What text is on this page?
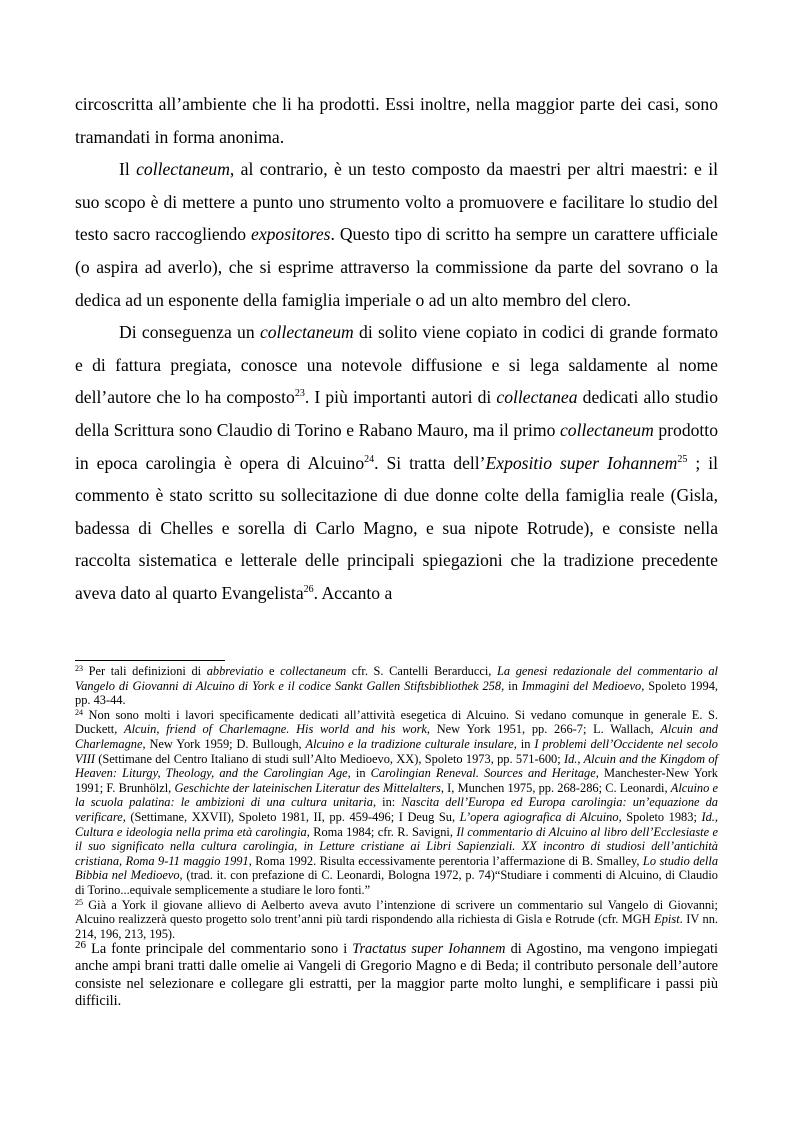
circoscritta all’ambiente che li ha prodotti. Essi inoltre, nella maggior parte dei casi, sono tramandati in forma anonima.

Il collectaneum, al contrario, è un testo composto da maestri per altri maestri: e il suo scopo è di mettere a punto uno strumento volto a promuovere e facilitare lo studio del testo sacro raccogliendo expositores. Questo tipo di scritto ha sempre un carattere ufficiale (o aspira ad averlo), che si esprime attraverso la commissione da parte del sovrano o la dedica ad un esponente della famiglia imperiale o ad un alto membro del clero.

Di conseguenza un collectaneum di solito viene copiato in codici di grande formato e di fattura pregiata, conosce una notevole diffusione e si lega saldamente al nome dell’autore che lo ha composto$^{23}$. I più importanti autori di collectanea dedicati allo studio della Scrittura sono Claudio di Torino e Rabano Mauro, ma il primo collectaneum prodotto in epoca carolingia è opera di Alcuino$^{24}$. Si tratta dell’Expositio super Iohannem$^{25}$ ; il commento è stato scritto su sollecitazione di due donne colte della famiglia reale (Gisla, badessa di Chelles e sorella di Carlo Magno, e sua nipote Rotrude), e consiste nella raccolta sistematica e letterale delle principali spiegazioni che la tradizione precedente aveva dato al quarto Evangelista$^{26}$. Accanto a

$^{23}$ Per tali definizioni di abbreviatio e collectaneum cfr. S. Cantelli Berarducci, La genesi redazionale del commentario al Vangelo di Giovanni di Alcuino di York e il codice Sankt Gallen Stiftsbibliothek 258, in Immagini del Medioevo, Spoleto 1994, pp. 43-44.

$^{24}$ Non sono molti i lavori specificamente dedicati all’attività esegetica di Alcuino. Si vedano comunque in generale E. S. Duckett, Alcuin, friend of Charlemagne. His world and his work, New York 1951, pp. 266-7; L. Wallach, Alcuin and Charlemagne, New York 1959; D. Bullough, Alcuino e la tradizione culturale insulare, in I problemi dell’Occidente nel secolo VIII (Settimane del Centro Italiano di studi sull’Alto Medioevo, XX), Spoleto 1973, pp. 571-600; Id., Alcuin and the Kingdom of Heaven: Liturgy, Theology, and the Carolingian Age, in Carolingian Reneval. Sources and Heritage, Manchester-New York 1991; F. Brunhölzl, Geschichte der lateinischen Literatur des Mittelalters, I, Munchen 1975, pp. 268-286; C. Leonardi, Alcuino e la scuola palatina: le ambizioni di una cultura unitaria, in: Nascita dell’Europa ed Europa carolingia: un’equazione da verificare, (Settimane, XXVII), Spoleto 1981, II, pp. 459-496; I Deug Su, L’opera agiografica di Alcuino, Spoleto 1983; Id., Cultura e ideologia nella prima età carolingia, Roma 1984; cfr. R. Savigni, Il commentario di Alcuino al libro dell’Ecclesiaste e il suo significato nella cultura carolingia, in Letture cristiane ai Libri Sapienziali. XX incontro di studiosi dell’antichità cristiana, Roma 9-11 maggio 1991, Roma 1992. Risulta eccessivamente perentoria l’affermazione di B. Smalley, Lo studio della Bibbia nel Medioevo, (trad. it. con prefazione di C. Leonardi, Bologna 1972, p. 74)“Studiare i commenti di Alcuino, di Claudio di Torino...equivale semplicemente a studiare le loro fonti.”

$^{25}$ Già a York il giovane allievo di Aelberto aveva avuto l’intenzione di scrivere un commentario sul Vangelo di Giovanni; Alcuino realizzerà questo progetto solo trent’anni più tardi rispondendo alla richiesta di Gisla e Rotrude (cfr. MGH Epist. IV nn. 214, 196, 213, 195).

$^{26}$ La fonte principale del commentario sono i Tractatus super Iohannem di Agostino, ma vengono impiegati anche ampi brani tratti dalle omelie ai Vangeli di Gregorio Magno e di Beda; il contributo personale dell’autore consiste nel selezionare e collegare gli estratti, per la maggior parte molto lunghi, e semplificare i passi più difficili.
